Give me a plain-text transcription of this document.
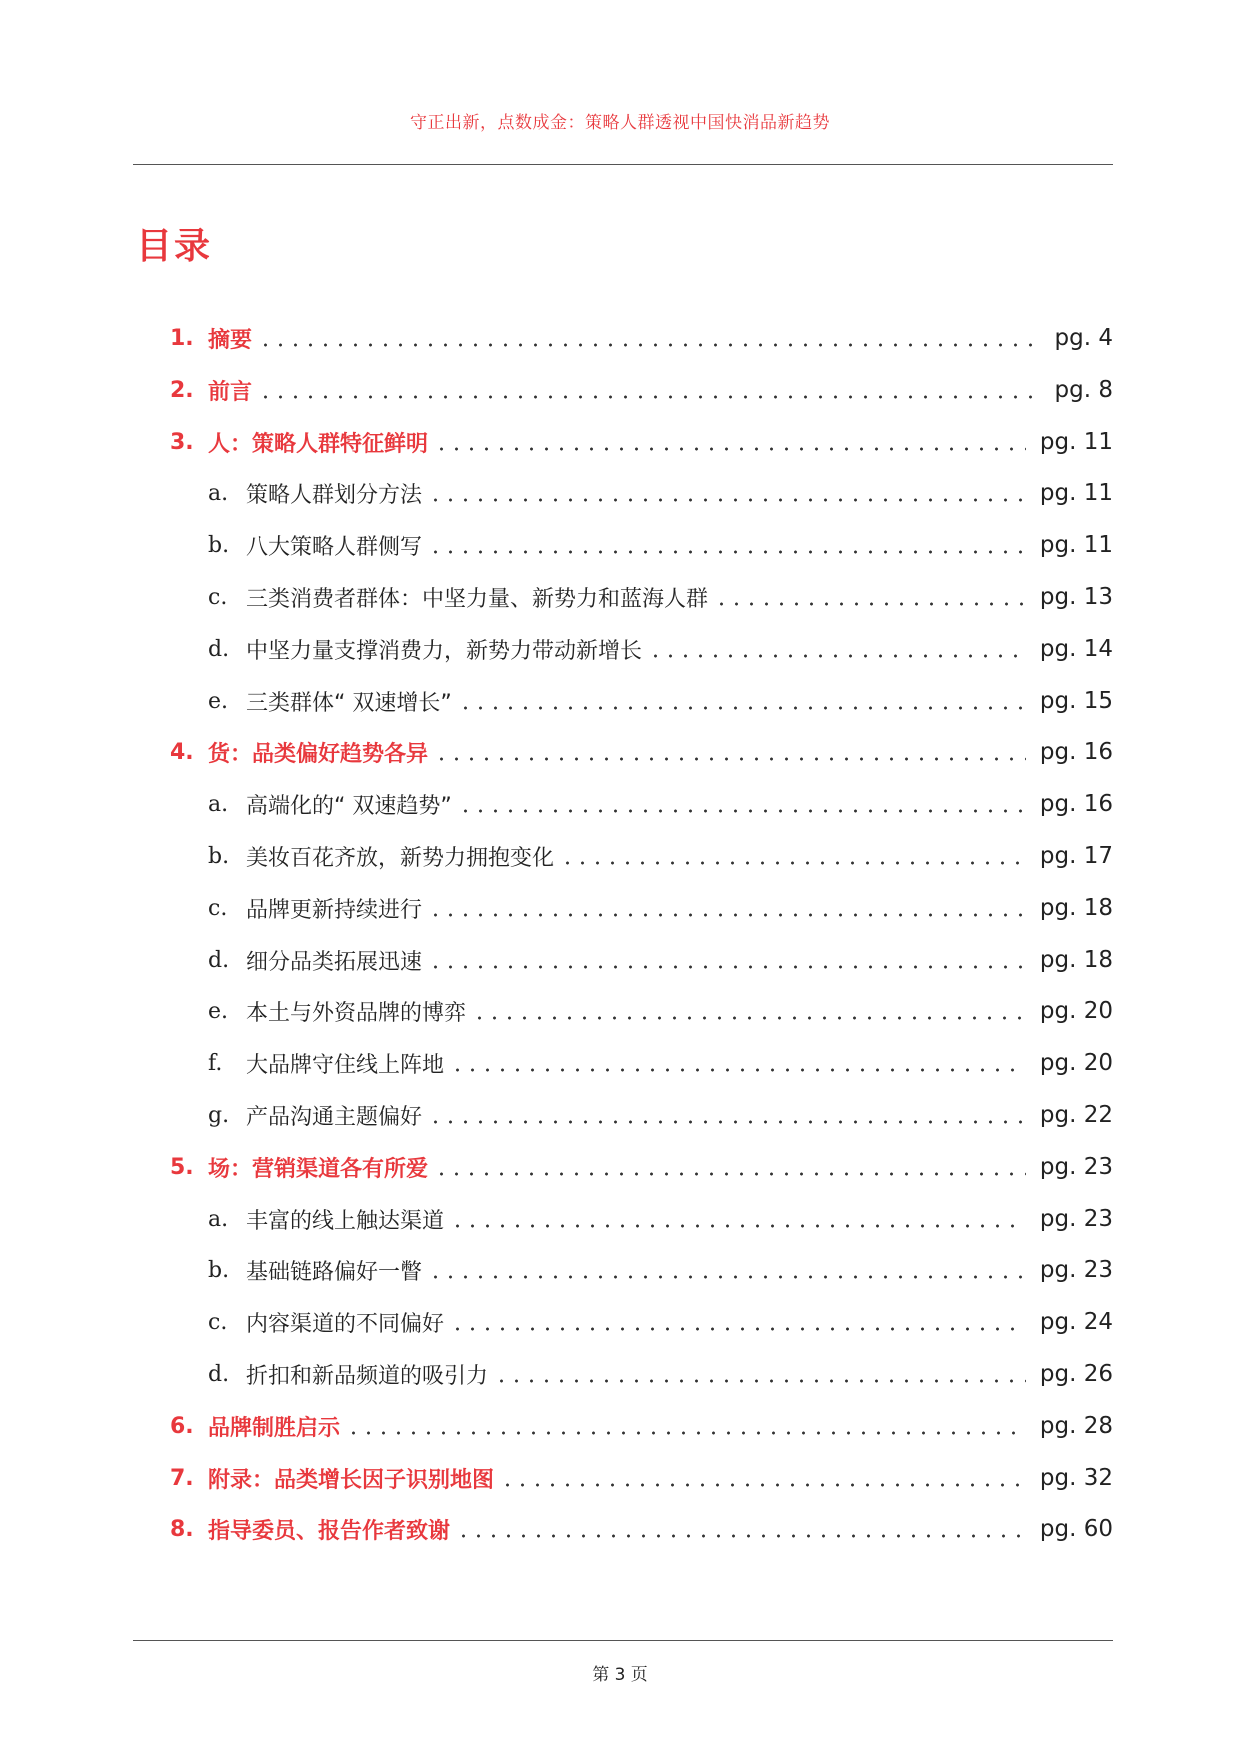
守正出新，点数成金：策略人群透视中国快消品新趋势
目录
1. 摘要	pg. 4
2. 前言	pg. 8
3. 人：策略人群特征鲜明	pg. 11
a. 策略人群划分方法	pg. 11
b. 八大策略人群侧写	pg. 11
c. 三类消费者群体：中坚力量、新势力和蓝海人群	pg. 13
d. 中坚力量支撑消费力，新势力带动新增长	pg. 14
e. 三类群体“ 双速增长”	pg. 15
4. 货：品类偏好趋势各异	pg. 16
a. 高端化的“ 双速趋势”	pg. 16
b. 美妆百花齐放，新势力拥抱变化	pg. 17
c. 品牌更新持续进行	pg. 18
d. 细分品类拓展迅速	pg. 18
e. 本土与外资品牌的博弈	pg. 20
f.	大品牌守住线上阵地	pg. 20
g. 产品沟通主题偏好	pg. 22
5. 场：营销渠道各有所爱	pg. 23
a. 丰富的线上触达渠道	pg. 23
b. 基础链路偏好一瞥	pg. 23
c. 内容渠道的不同偏好	pg. 24
d. 折扣和新品频道的吸引力	pg. 26
6. 品牌制胜启示	pg. 28
7. 附录：品类增长因子识别地图	pg. 32
8. 指导委员、报告作者致谢	pg. 60
第 3 页
